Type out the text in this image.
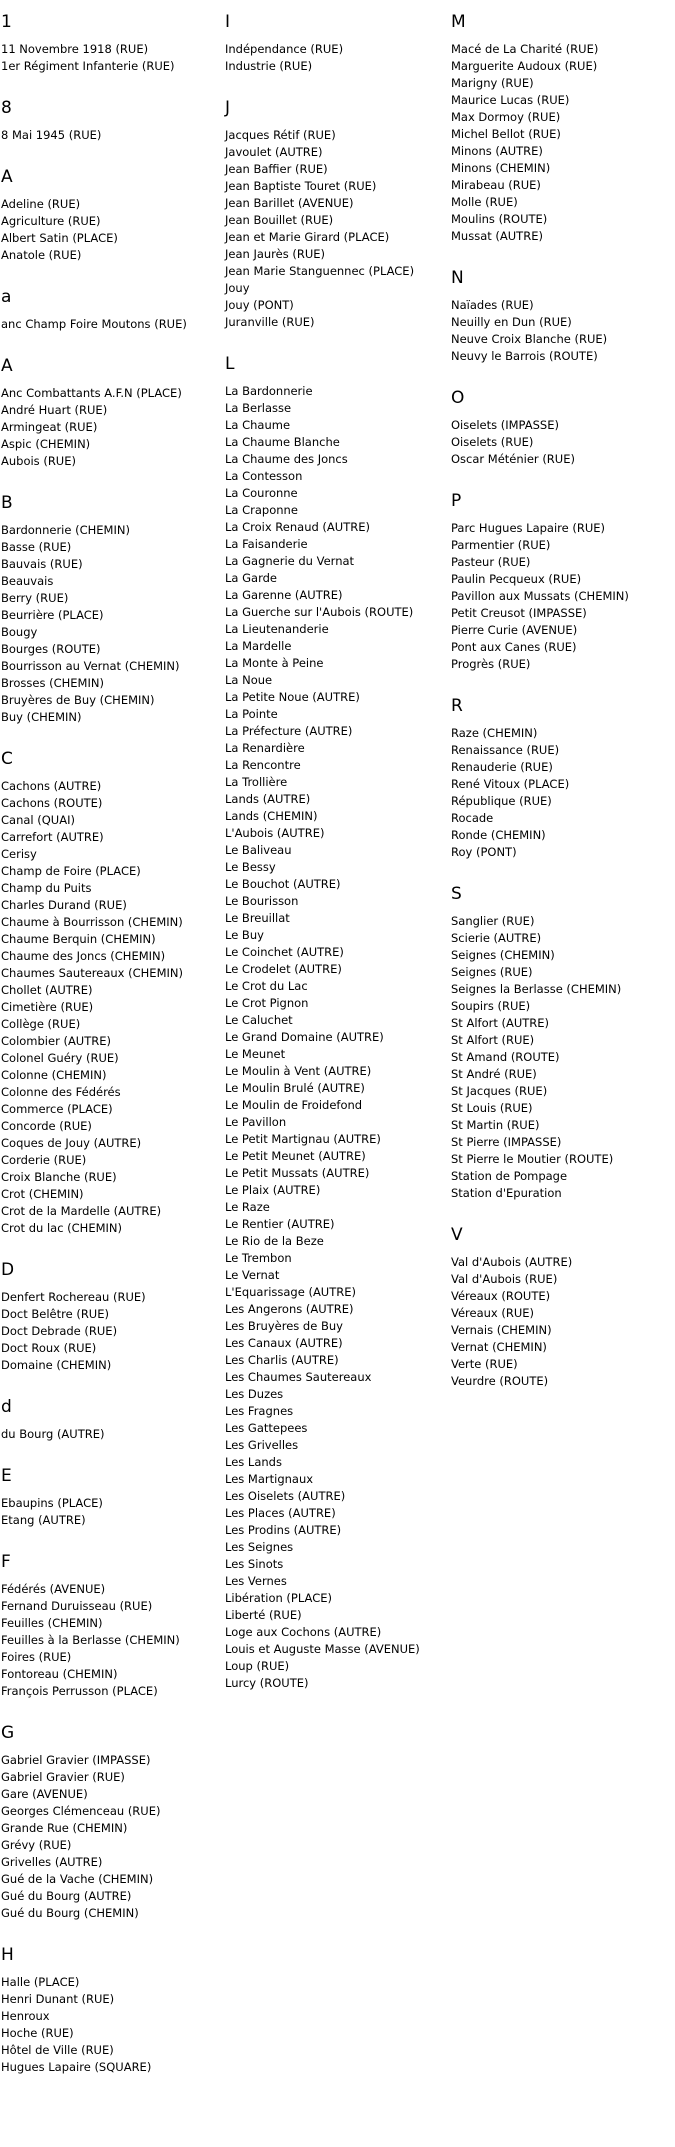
1
11 Novembre 1918 (RUE)
1er Régiment Infanterie (RUE)
8
8 Mai 1945 (RUE)
A
Adeline (RUE)
Agriculture (RUE)
Albert Satin (PLACE)
Anatole (RUE)
a
anc Champ Foire Moutons (RUE)
A
Anc Combattants A.F.N (PLACE)
André Huart (RUE)
Armingeat (RUE)
Aspic (CHEMIN)
Aubois (RUE)
B
Bardonnerie (CHEMIN)
Basse (RUE)
Bauvais (RUE)
Beauvais
Berry (RUE)
Beurrière (PLACE)
Bougy
Bourges (ROUTE)
Bourrisson au Vernat (CHEMIN)
Brosses (CHEMIN)
Bruyères de Buy (CHEMIN)
Buy (CHEMIN)
C
Cachons (AUTRE)
Cachons (ROUTE)
Canal (QUAI)
Carrefort (AUTRE)
Cerisy
Champ de Foire (PLACE)
Champ du Puits
Charles Durand (RUE)
Chaume à Bourrisson (CHEMIN)
Chaume Berquin (CHEMIN)
Chaume des Joncs (CHEMIN)
Chaumes Sautereaux (CHEMIN)
Chollet (AUTRE)
Cimetière (RUE)
Collège (RUE)
Colombier (AUTRE)
Colonel Guéry (RUE)
Colonne (CHEMIN)
Colonne des Fédérés
Commerce (PLACE)
Concorde (RUE)
Coques de Jouy (AUTRE)
Corderie (RUE)
Croix Blanche (RUE)
Crot (CHEMIN)
Crot de la Mardelle (AUTRE)
Crot du lac (CHEMIN)
D
Denfert Rochereau (RUE)
Doct Belêtre (RUE)
Doct Debrade (RUE)
Doct Roux (RUE)
Domaine (CHEMIN)
d
du Bourg (AUTRE)
E
Ebaupins (PLACE)
Etang (AUTRE)
F
Fédérés (AVENUE)
Fernand Duruisseau (RUE)
Feuilles (CHEMIN)
Feuilles à la Berlasse (CHEMIN)
Foires (RUE)
Fontoreau (CHEMIN)
François Perrusson (PLACE)
G
Gabriel Gravier (IMPASSE)
Gabriel Gravier (RUE)
Gare (AVENUE)
Georges Clémenceau (RUE)
Grande Rue (CHEMIN)
Grévy (RUE)
Grivelles (AUTRE)
Gué de la Vache (CHEMIN)
Gué du Bourg (AUTRE)
Gué du Bourg (CHEMIN)
H
Halle (PLACE)
Henri Dunant (RUE)
Henroux
Hoche (RUE)
Hôtel de Ville (RUE)
Hugues Lapaire (SQUARE)
I
Indépendance (RUE)
Industrie (RUE)
J
Jacques Rétif (RUE)
Javoulet (AUTRE)
Jean Baffier (RUE)
Jean Baptiste Touret (RUE)
Jean Barillet (AVENUE)
Jean Bouillet (RUE)
Jean et Marie Girard (PLACE)
Jean Jaurès (RUE)
Jean Marie Stanguennec (PLACE)
Jouy
Jouy (PONT)
Juranville (RUE)
L
La Bardonnerie
La Berlasse
La Chaume
La Chaume Blanche
La Chaume des Joncs
La Contesson
La Couronne
La Craponne
La Croix Renaud (AUTRE)
La Faisanderie
La Gagnerie du Vernat
La Garde
La Garenne (AUTRE)
La Guerche sur l'Aubois (ROUTE)
La Lieutenanderie
La Mardelle
La Monte à Peine
La Noue
La Petite Noue (AUTRE)
La Pointe
La Préfecture (AUTRE)
La Renardière
La Rencontre
La Trollière
Lands (AUTRE)
Lands (CHEMIN)
L'Aubois (AUTRE)
Le Baliveau
Le Bessy
Le Bouchot (AUTRE)
Le Bourisson
Le Breuillat
Le Buy
Le Coinchet (AUTRE)
Le Crodelet (AUTRE)
Le Crot du Lac
Le Crot Pignon
Le Caluchet
Le Grand Domaine (AUTRE)
Le Meunet
Le Moulin à Vent (AUTRE)
Le Moulin Brulé (AUTRE)
Le Moulin de Froidefond
Le Pavillon
Le Petit Martignau (AUTRE)
Le Petit Meunet (AUTRE)
Le Petit Mussats (AUTRE)
Le Plaix (AUTRE)
Le Raze
Le Rentier (AUTRE)
Le Rio de la Beze
Le Trembon
Le Vernat
L'Equarissage (AUTRE)
Les Angerons (AUTRE)
Les Bruyères de Buy
Les Canaux (AUTRE)
Les Charlis (AUTRE)
Les Chaumes Sautereaux
Les Duzes
Les Fragnes
Les Gattepees
Les Grivelles
Les Lands
Les Martignaux
Les Oiselets (AUTRE)
Les Places (AUTRE)
Les Prodins (AUTRE)
Les Seignes
Les Sinots
Les Vernes
Libération (PLACE)
Liberté (RUE)
Loge aux Cochons (AUTRE)
Louis et Auguste Masse (AVENUE)
Loup (RUE)
Lurcy (ROUTE)
M
Macé de La Charité (RUE)
Marguerite Audoux (RUE)
Marigny (RUE)
Maurice Lucas (RUE)
Max Dormoy (RUE)
Michel Bellot (RUE)
Minons (AUTRE)
Minons (CHEMIN)
Mirabeau (RUE)
Molle (RUE)
Moulins (ROUTE)
Mussat (AUTRE)
N
Naïades (RUE)
Neuilly en Dun (RUE)
Neuve Croix Blanche (RUE)
Neuvy le Barrois (ROUTE)
O
Oiselets (IMPASSE)
Oiselets (RUE)
Oscar Méténier (RUE)
P
Parc Hugues Lapaire (RUE)
Parmentier (RUE)
Pasteur (RUE)
Paulin Pecqueux (RUE)
Pavillon aux Mussats (CHEMIN)
Petit Creusot (IMPASSE)
Pierre Curie (AVENUE)
Pont aux Canes (RUE)
Progrès (RUE)
R
Raze (CHEMIN)
Renaissance (RUE)
Renauderie (RUE)
René Vitoux (PLACE)
République (RUE)
Rocade
Ronde (CHEMIN)
Roy (PONT)
S
Sanglier (RUE)
Scierie (AUTRE)
Seignes (CHEMIN)
Seignes (RUE)
Seignes la Berlasse (CHEMIN)
Soupirs (RUE)
St Alfort (AUTRE)
St Alfort (RUE)
St Amand (ROUTE)
St André (RUE)
St Jacques (RUE)
St Louis (RUE)
St Martin (RUE)
St Pierre (IMPASSE)
St Pierre le Moutier (ROUTE)
Station de Pompage
Station d'Epuration
V
Val d'Aubois (AUTRE)
Val d'Aubois (RUE)
Véreaux (ROUTE)
Véreaux (RUE)
Vernais (CHEMIN)
Vernat (CHEMIN)
Verte (RUE)
Veurdre (ROUTE)
